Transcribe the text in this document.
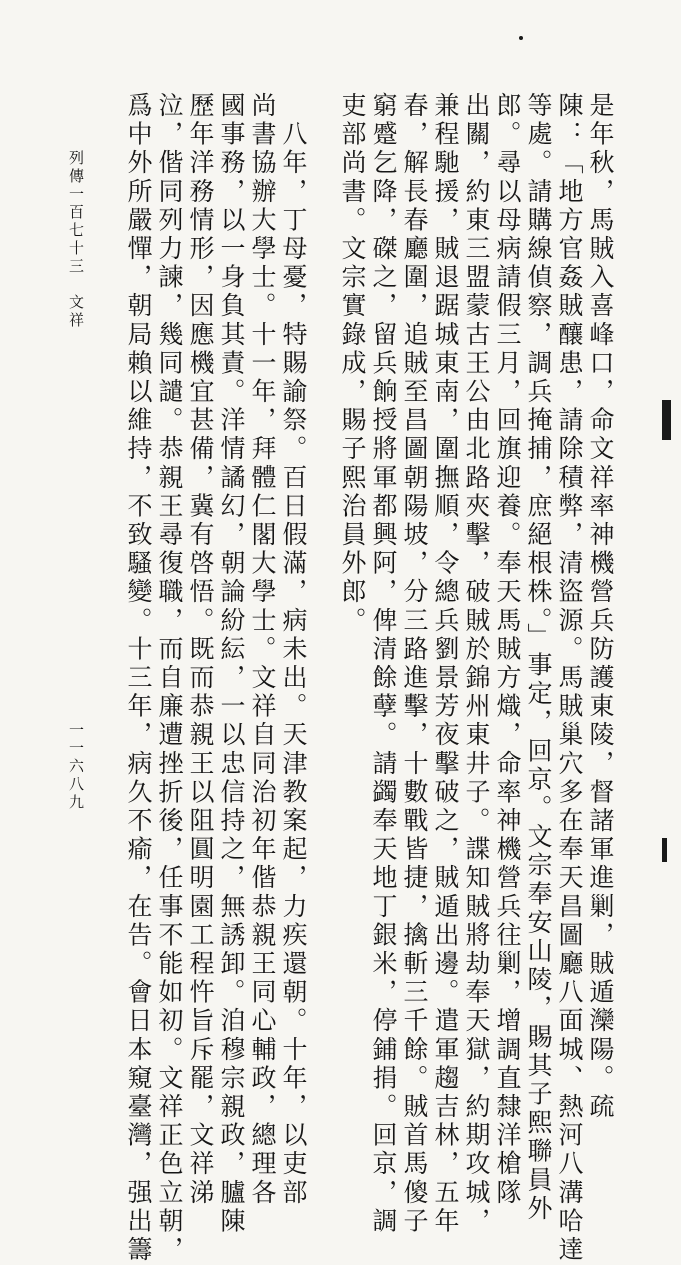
是年秋，馬賊入喜峰口，命文祥率神機營兵防護東陵，督諸軍進剿，賊遁灤陽。疏
陳：「地方官姦賊釀患，請除積弊，清盜源。馬賊巢穴多在奉天昌圖廳八面城、熱河八溝哈達
等處。請購線偵察，調兵掩捕，庶絕根株。」事定，回京。文宗奉安山陵，賜其子熙聯員外
郎。尋以母病請假三月，回旗迎養。奉天馬賊方熾，命率神機營兵往剿，增調直隸洋槍隊
出關，約東三盟蒙古王公由北路夾擊，破賊於錦州東井子。諜知賊將劫奉天獄，約期攻城，
兼程馳援，賊退踞城東南，圍撫順，令總兵劉景芳夜擊破之，賊遁出邊。遣軍趨吉林，五年
春，解長春廳圍，追賊至昌圖朝陽坡，分三路進擊，十數戰皆捷，擒斬三千餘。賊首馬傻子
窮蹙乞降，磔之，留兵餉授將軍都興阿，俾清餘孽。請蠲奉天地丁銀米，停鋪捐。回京，調
吏部尚書。文宗實錄成，賜子熙治員外郎。
　八年，丁母憂，特賜諭祭。百日假滿，病未出。天津教案起，力疾還朝。十年，以吏部
尚書協辦大學士。十一年，拜體仁閣大學士。文祥自同治初年偕恭親王同心輔政，總理各
國事務，以一身負其責。洋情譎幻，朝論紛紜，一以忠信持之，無誘卸。洎穆宗親政，臚陳
歷年洋務情形，因應機宜甚備，冀有啓悟。既而恭親王以阻圓明園工程忤旨斥罷，文祥涕
泣，偕同列力諫，幾同譴。恭親王尋復職，而自廉遭挫折後，任事不能如初。文祥正色立朝，
爲中外所嚴憚，朝局賴以維持，不致騷變。十三年，病久不瘉，在告。會日本窺臺灣，强出籌
列傳一百七十三　文祥
一一六八九
